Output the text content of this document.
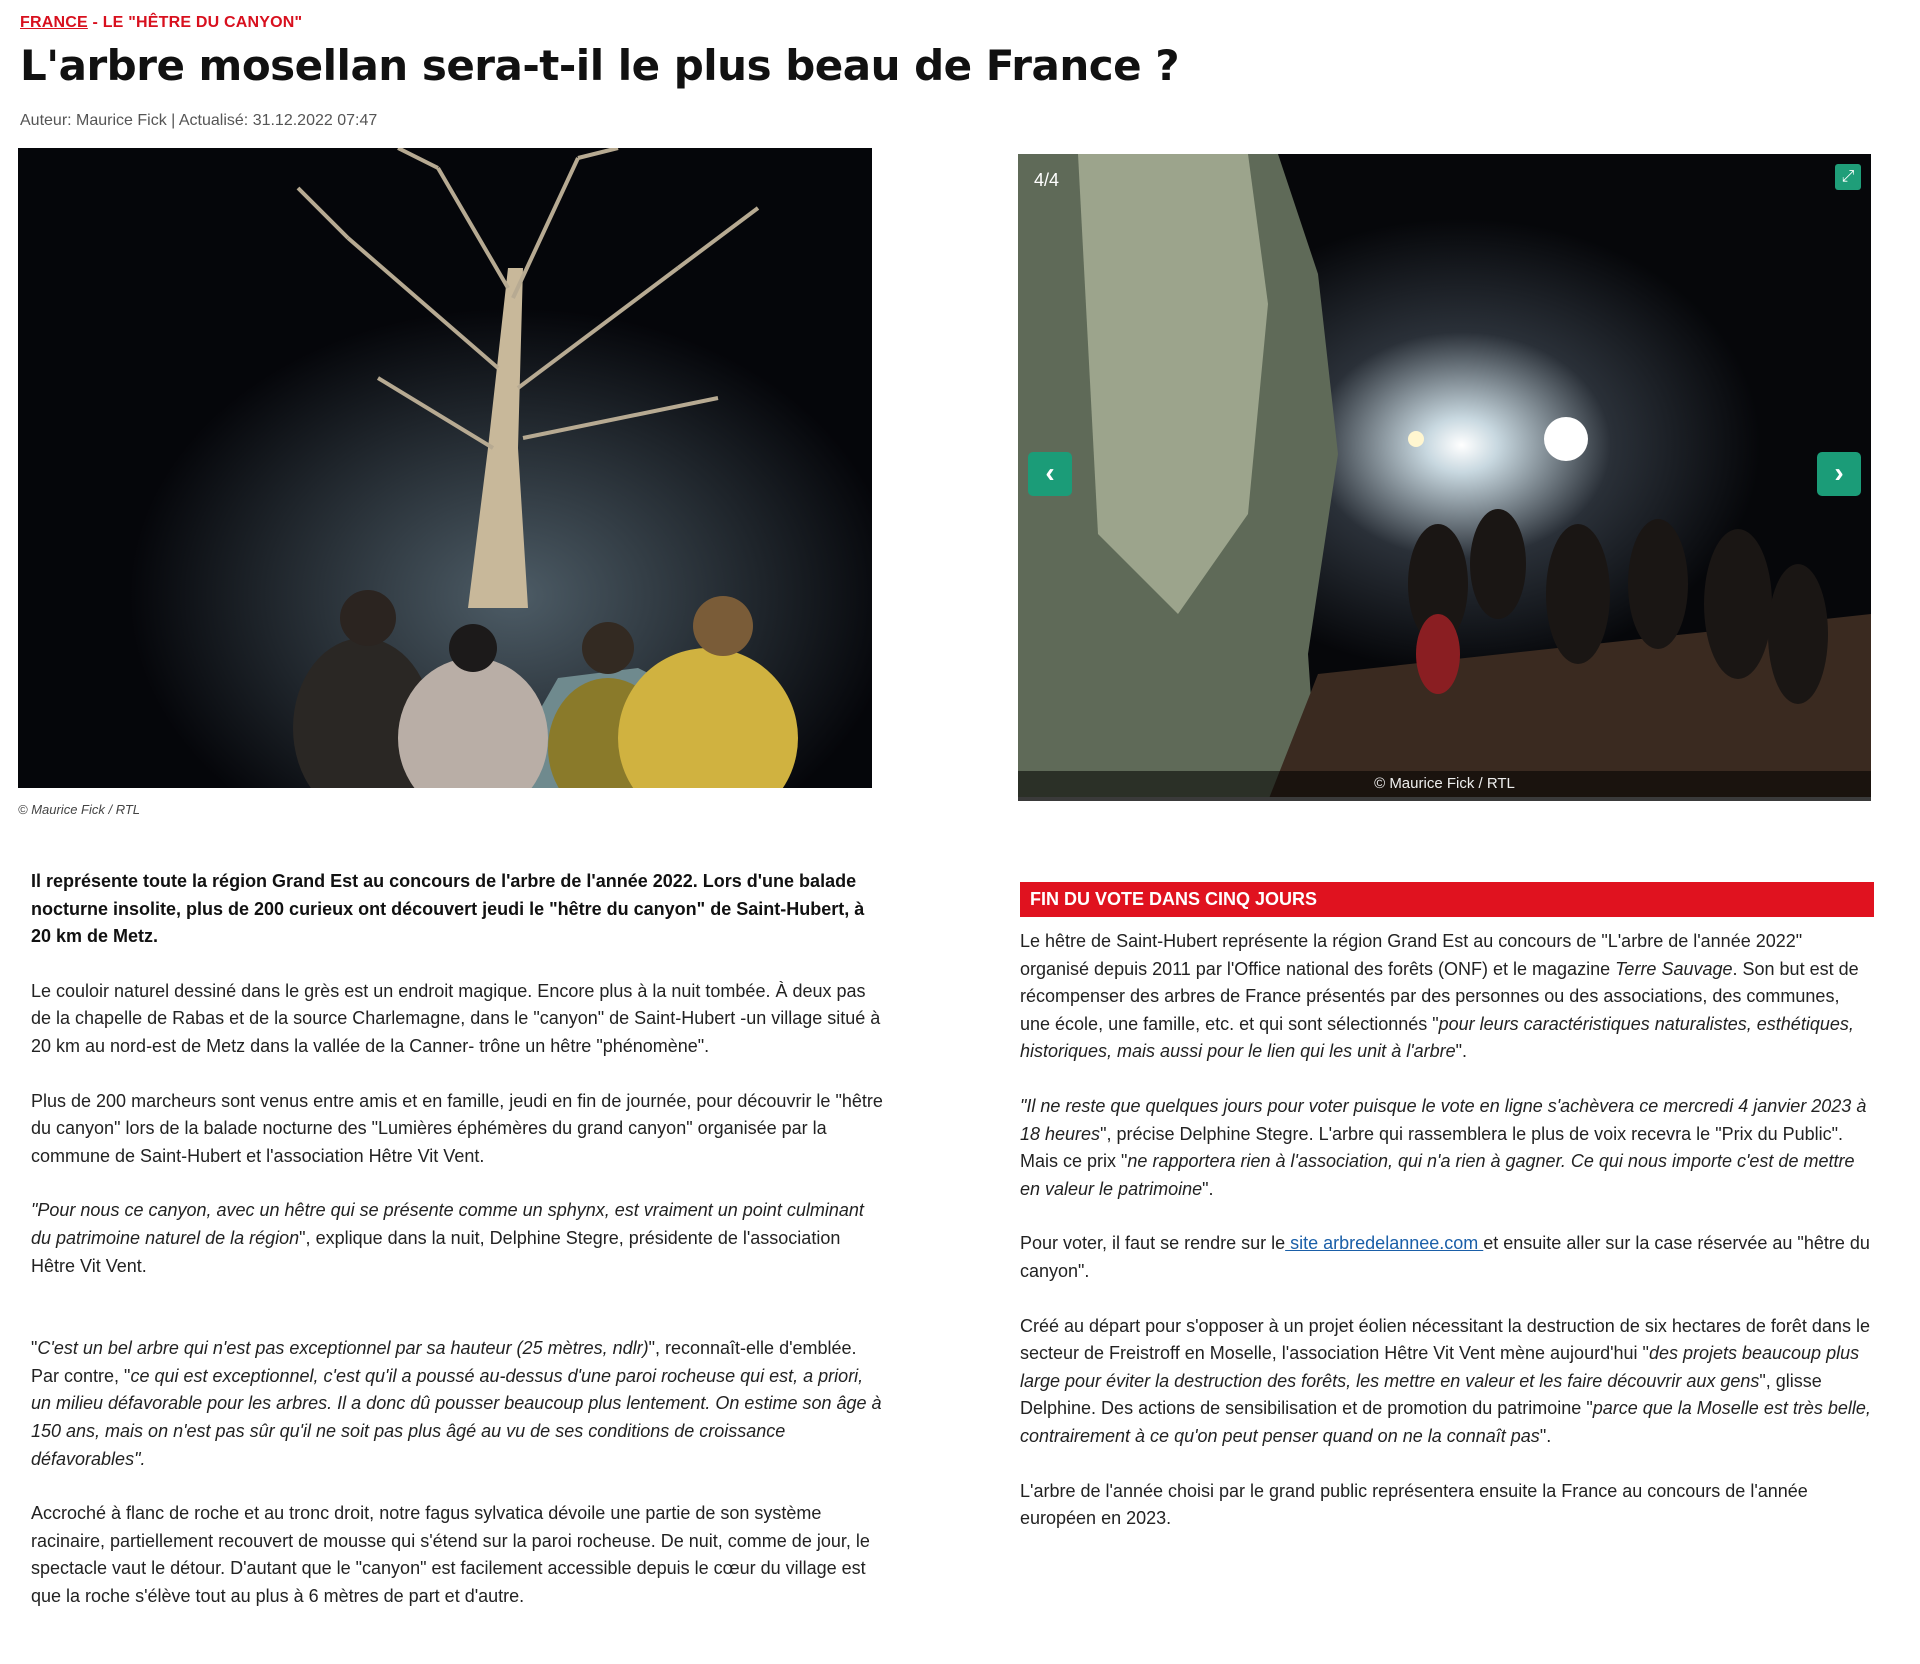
FRANCE - LE "HÊTRE DU CANYON"
L'arbre mosellan sera-t-il le plus beau de France ?
Auteur: Maurice Fick | Actualisé: 31.12.2022 07:47
© Maurice Fick / RTL
4/4	⤢
‹	›
© Maurice Fick / RTL

Il représente toute la région Grand Est au concours de l'arbre de l'année 2022. Lors d'une balade nocturne insolite, plus de 200 curieux ont découvert jeudi le "hêtre du canyon" de Saint-Hubert, à 20 km de Metz.

Le couloir naturel dessiné dans le grès est un endroit magique. Encore plus à la nuit tombée. À deux pas de la chapelle de Rabas et de la source Charlemagne, dans le "canyon" de Saint-Hubert -un village situé à 20 km au nord-est de Metz dans la vallée de la Canner- trône un hêtre "phénomène".

Plus de 200 marcheurs sont venus entre amis et en famille, jeudi en fin de journée, pour découvrir le "hêtre du canyon" lors de la balade nocturne des "Lumières éphémères du grand canyon" organisée par la commune de Saint-Hubert et l'association Hêtre Vit Vent.

"Pour nous ce canyon, avec un hêtre qui se présente comme un sphynx, est vraiment un point culminant du patrimoine naturel de la région", explique dans la nuit, Delphine Stegre, présidente de l'association Hêtre Vit Vent.

"C'est un bel arbre qui n'est pas exceptionnel par sa hauteur (25 mètres, ndlr)", reconnaît-elle d'emblée. Par contre, "ce qui est exceptionnel, c'est qu'il a poussé au-dessus d'une paroi rocheuse qui est, a priori, un milieu défavorable pour les arbres. Il a donc dû pousser beaucoup plus lentement. On estime son âge à 150 ans, mais on n'est pas sûr qu'il ne soit pas plus âgé au vu de ses conditions de croissance défavorables".

Accroché à flanc de roche et au tronc droit, notre fagus sylvatica dévoile une partie de son système racinaire, partiellement recouvert de mousse qui s'étend sur la paroi rocheuse. De nuit, comme de jour, le spectacle vaut le détour. D'autant que le "canyon" est facilement accessible depuis le cœur du village est que la roche s'élève tout au plus à 6 mètres de part et d'autre.

FIN DU VOTE DANS CINQ JOURS

Le hêtre de Saint-Hubert représente la région Grand Est au concours de "L'arbre de l'année 2022" organisé depuis 2011 par l'Office national des forêts (ONF) et le magazine Terre Sauvage. Son but est de récompenser des arbres de France présentés par des personnes ou des associations, des communes, une école, une famille, etc. et qui sont sélectionnés "pour leurs caractéristiques naturalistes, esthétiques, historiques, mais aussi pour le lien qui les unit à l'arbre".

"Il ne reste que quelques jours pour voter puisque le vote en ligne s'achèvera ce mercredi 4 janvier 2023 à 18 heures", précise Delphine Stegre. L'arbre qui rassemblera le plus de voix recevra le "Prix du Public". Mais ce prix "ne rapportera rien à l'association, qui n'a rien à gagner. Ce qui nous importe c'est de mettre en valeur le patrimoine".

Pour voter, il faut se rendre sur le site arbredelannee.com et ensuite aller sur la case réservée au "hêtre du canyon".

Créé au départ pour s'opposer à un projet éolien nécessitant la destruction de six hectares de forêt dans le secteur de Freistroff en Moselle, l'association Hêtre Vit Vent mène aujourd'hui "des projets beaucoup plus large pour éviter la destruction des forêts, les mettre en valeur et les faire découvrir aux gens", glisse Delphine. Des actions de sensibilisation et de promotion du patrimoine "parce que la Moselle est très belle, contrairement à ce qu'on peut penser quand on ne la connaît pas".

L'arbre de l'année choisi par le grand public représentera ensuite la France au concours de l'année européen en 2023.
